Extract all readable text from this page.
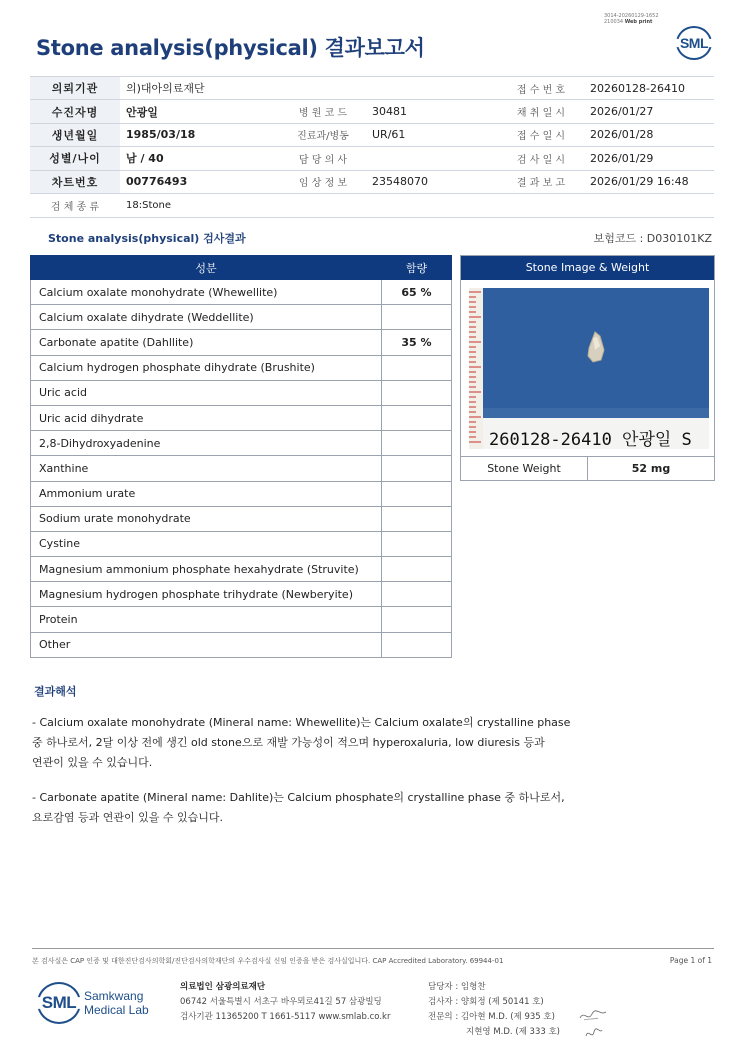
3014-20260129-1652
210034 Web print
SML
Stone analysis(physical) 결과보고서
의뢰기관	의)대아의료재단			접 수 번 호	20260128-26410
수진자명	안광일	병 원 코 드	30481	채 취 일 시	2026/01/27
생년월일	1985/03/18	진료과/병동	UR/61	접 수 일 시	2026/01/28
성별/나이	남 / 40	담 당 의 사		검 사 일 시	2026/01/29
차트번호	00776493	임 상 정 보	23548070	결 과 보 고	2026/01/29 16:48
검 체 종 류	18:Stone				
Stone analysis(physical) 검사결과	보험코드 : D030101KZ
성분	함량
Calcium oxalate monohydrate (Whewellite)	65 %
Calcium oxalate dihydrate (Weddellite)	
Carbonate apatite (Dahllite)	35 %
Calcium hydrogen phosphate dihydrate (Brushite)	
Uric acid	
Uric acid dihydrate	
2,8-Dihydroxyadenine	
Xanthine	
Ammonium urate	
Sodium urate monohydrate	
Cystine	
Magnesium ammonium phosphate hexahydrate (Struvite)	
Magnesium hydrogen phosphate trihydrate (Newberyite)	
Protein	
Other	
Stone Image & Weight
260128-26410 안광일 S
Stone Weight	52 mg
결과해석
- Calcium oxalate monohydrate (Mineral name: Whewellite)는 Calcium oxalate의 crystalline phase
중 하나로서, 2달 이상 전에 생긴 old stone으로 재발 가능성이 적으며 hyperoxaluria, low diuresis 등과
연관이 있을 수 있습니다.
- Carbonate apatite (Mineral name: Dahlite)는 Calcium phosphate의 crystalline phase 중 하나로서,
요로감염 등과 연관이 있을 수 있습니다.
본 검사실은 CAP 인증 및 대한진단검사의학회/진단검사의학재단의 우수검사실 신임 인증을 받은 검사실입니다. CAP Accredited Laboratory. 69944-01	Page 1 of 1
SML Samkwang
Medical Lab
의료법인 삼광의료재단
06742 서울특별시 서초구 바우뫼로41길 57 삼광빌딩
검사기관 11365200 T 1661-5117 www.smlab.co.kr
담당자 : 임형찬
검사자 : 양회정 (제 50141 호)
전문의 : 김아현 M.D. (제 935 호)
지현영 M.D. (제 333 호)
